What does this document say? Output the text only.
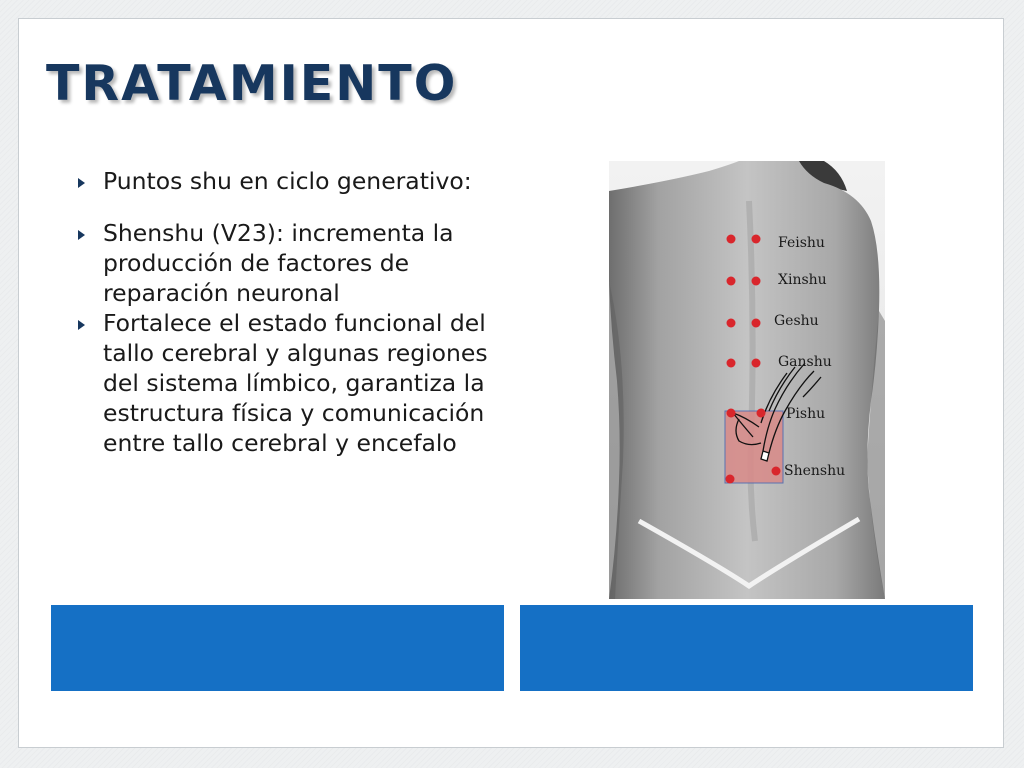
TRATAMIENTO
Puntos shu en ciclo generativo:
Shenshu (V23): incrementa la producción de factores de reparación neuronal
Fortalece el estado funcional del tallo cerebral y algunas regiones del sistema límbico, garantiza la estructura física y comunicación entre tallo cerebral y encefalo
Feishu
Xinshu
Geshu
Ganshu
Pishu
Shenshu
